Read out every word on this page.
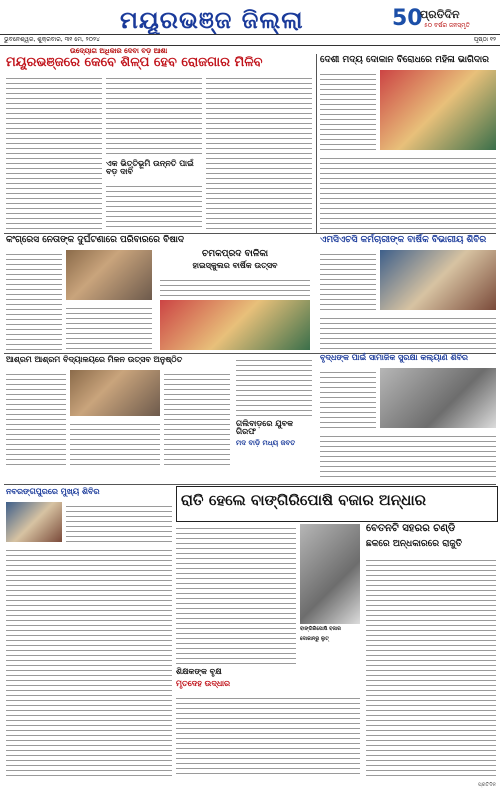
ମୟୂରଭଞ୍ଜ ଜିଲ୍ଲା	50
ପ୍ରତିଦିନ
୫୦ ବର୍ଷର ଜନସ୍ମୃତି
ଭୁବନେଶ୍ୱର, ଶୁକ୍ରବାର, ୩୧ ମେ, ୨୦୨୪	ପୃଷ୍ଠା ୧୨
ଉଦ୍ୟୋଗ ଅଧିକାର ଦେବା ବଡ଼ ଆଶା
ମୟୂରଭଞ୍ଜରେ କେବେ ଶିଳ୍ପ ହେବ ରୋଜଗାର ମିଳିବ
ଏକ ଭିତ୍ତିଭୂମି ଉନ୍ନତି ପାଇଁ ବଡ଼ ଦାବି
ଦେଶୀ ମଦ୍ୟ ଦୋକାନ ବିରୋଧରେ ମହିଳା ଭାଗିଦାର
ଏମସିଏଚସି କର୍ମଚାରୀଙ୍କ ବାର୍ଷିକ ବିଭାଗୀୟ ଶିବିର
କଂଗ୍ରେସ ନେତାଙ୍କ ଦୁର୍ଘଟଣାରେ ପରିବାରରେ ବିଷାଦ
ଚମକପ୍ରଦ ବାଳିକା
ହାଇସ୍କୁଲର ବାର୍ଷିକ ଉତ୍ସବ
ଆଶ୍ରମ ଆଶ୍ରମ ବିଦ୍ୟାଳୟରେ ମିଳନ ଉତ୍ସବ ଅନୁଷ୍ଠିତ
ଗଲିବାଡ଼ରେ ଯୁବକ ଗିରଫ
ମଦ ବାଡ଼ି ମଧ୍ୟ ଜବତ
ବୃଦ୍ଧଙ୍କ ପାଇଁ ସାମାଜିକ ସୁରକ୍ଷା କଲ୍ୟାଣ ଶିବିର
ରାତି ହେଲେ ବାଙ୍ଗିରିପୋଷି ବଜାର ଅନ୍ଧାର
ବାଙ୍ଗିରିପୋଷି ବଜାର
ଦୋକାନରୁ ଲୁଟ୍
ବେତନଟି ସହରର ଚଣ୍ଡି
ଛକରେ ଅନ୍ଧକାରରେ ରାଜୁତି
ନବରଙ୍ଗପୁରରେ ମୁଖ୍ୟ ଶିବିର
ଶିକ୍ଷକଙ୍କ ବୃକ୍ଷ
ମୃତଦେହ ଉଦ୍ଧାର
ପ୍ରତିଦିନ
